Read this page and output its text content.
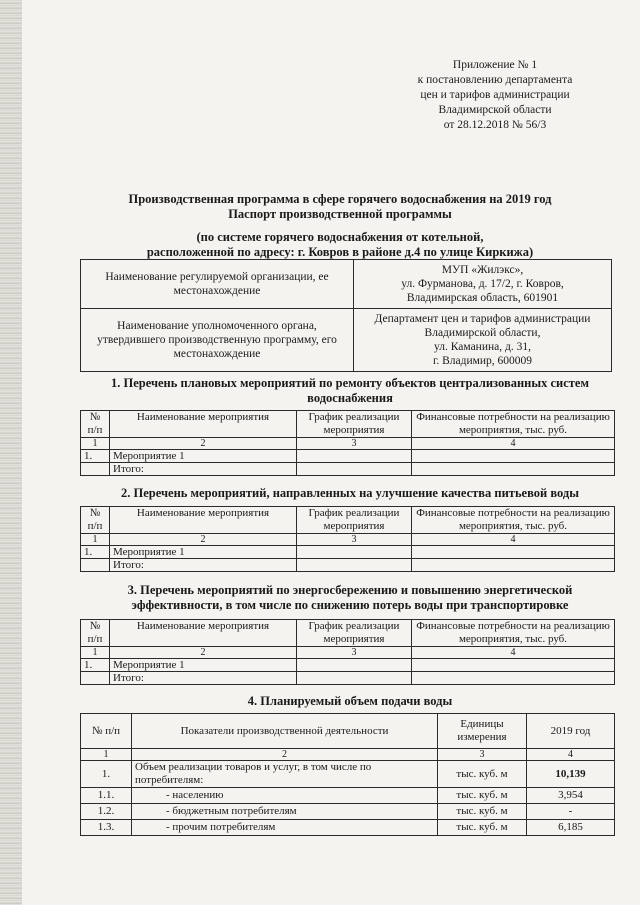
Приложение № 1
к постановлению департамента
цен и тарифов администрации
Владимирской области
от 28.12.2018 № 56/3
Производственная программа в сфере горячего водоснабжения на 2019 год
Паспорт производственной программы
(по системе горячего водоснабжения от котельной,
расположенной по адресу: г. Ковров в районе д.4 по улице Киркижа)
Наименование регулируемой организации, ее местонахождение	МУП «Жилэкс»,
ул. Фурманова, д. 17/2, г. Ковров,
Владимирская область, 601901

Наименование уполномоченного органа, утвердившего производственную программу, его местонахождение	Департамент цен и тарифов администрации
Владимирской области,
ул. Каманина, д. 31,
г. Владимир, 600009
1. Перечень плановых мероприятий по ремонту объектов централизованных систем
водоснабжения
№ п/п	Наименование мероприятия	График реализации мероприятия	Финансовые потребности на реализацию мероприятия, тыс. руб.
1	2	3	4
1.	Мероприятие 1		
	Итого:		
2. Перечень мероприятий, направленных на улучшение качества питьевой воды
№ п/п	Наименование мероприятия	График реализации мероприятия	Финансовые потребности на реализацию мероприятия, тыс. руб.
1	2	3	4
1.	Мероприятие 1		
	Итого:		
3. Перечень мероприятий по энергосбережению и повышению энергетической
эффективности, в том числе по снижению потерь воды при транспортировке
№ п/п	Наименование мероприятия	График реализации мероприятия	Финансовые потребности на реализацию мероприятия, тыс. руб.
1	2	3	4
1.	Мероприятие 1		
	Итого:		
4. Планируемый объем подачи воды
№ п/п	Показатели производственной деятельности	Единицы измерения	2019 год
1	2	3	4
1.	Объем реализации товаров и услуг, в том числе по потребителям:	тыс. куб. м	10,139
1.1.	- населению	тыс. куб. м	3,954
1.2.	- бюджетным потребителям	тыс. куб. м	-
1.3.	- прочим потребителям	тыс. куб. м	6,185
